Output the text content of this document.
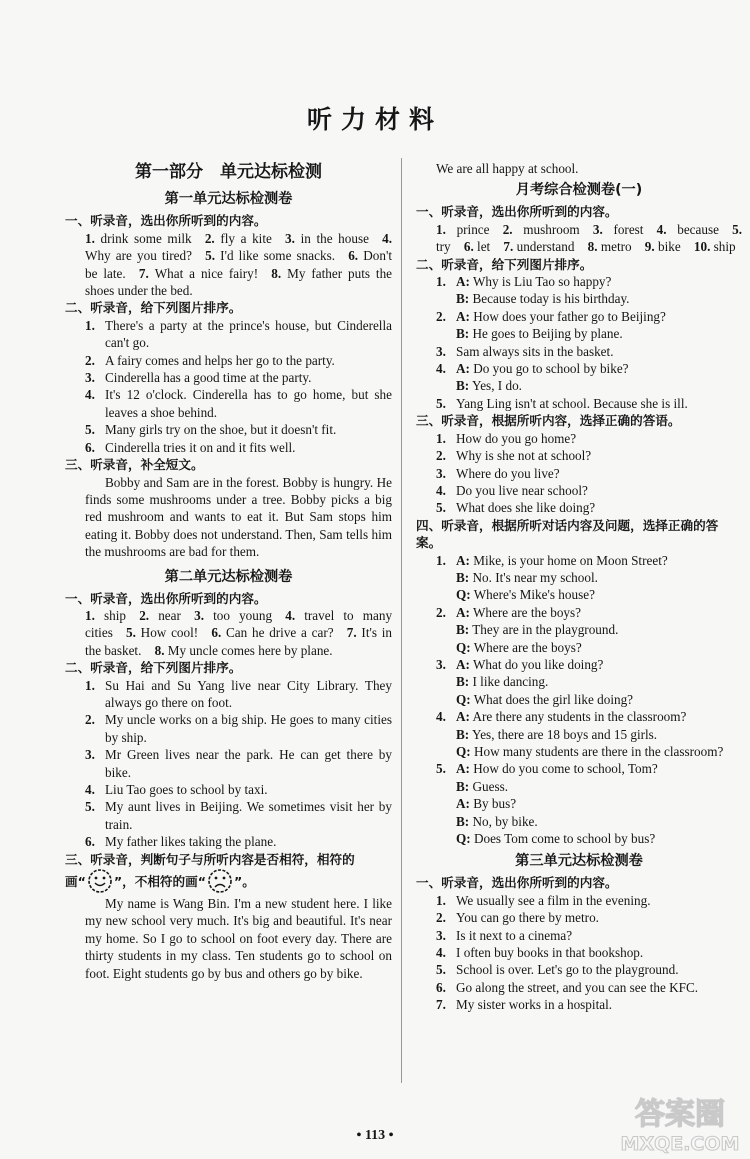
听力材料
第一部分　单元达标检测
第一单元达标检测卷
一、听录音，选出你所听到的内容。
1. drink some milk  2. fly a kite  3. in the house  4. Why are you tired?  5. I'd like some snacks.  6. Don't be late.  7. What a nice fairy!  8. My father puts the shoes under the bed.
二、听录音，给下列图片排序。
1. There's a party at the prince's house, but Cinderella can't go.
2. A fairy comes and helps her go to the party.
3. Cinderella has a good time at the party.
4. It's 12 o'clock. Cinderella has to go home, but she leaves a shoe behind.
5. Many girls try on the shoe, but it doesn't fit.
6. Cinderella tries it on and it fits well.
三、听录音，补全短文。
Bobby and Sam are in the forest. Bobby is hungry. He finds some mushrooms under a tree. Bobby picks a big red mushroom and wants to eat it. But Sam stops him eating it. Bobby does not understand. Then, Sam tells him the mushrooms are bad for them.
第二单元达标检测卷
一、听录音，选出你所听到的内容。
1. ship  2. near  3. too young  4. travel to many cities  5. How cool!  6. Can he drive a car?  7. It's in the basket.  8. My uncle comes here by plane.
二、听录音，给下列图片排序。
1. Su Hai and Su Yang live near City Library. They always go there on foot.
2. My uncle works on a big ship. He goes to many cities by ship.
3. Mr Green lives near the park. He can get there by bike.
4. Liu Tao goes to school by taxi.
5. My aunt lives in Beijing. We sometimes visit her by train.
6. My father likes taking the plane.
三、听录音，判断句子与所听内容是否相符，相符的
画“ ”，不相符的画“ ”。
My name is Wang Bin. I'm a new student here. I like my new school very much. It's big and beautiful. It's near my home. So I go to school on foot every day. There are thirty students in my class. Ten students go to school on foot. Eight students go by bus and others go by bike.
We are all happy at school.
月考综合检测卷(一)
一、听录音，选出你所听到的内容。
1. prince  2. mushroom  3. forest  4. because  5. try  6. let  7. understand  8. metro  9. bike  10. ship
二、听录音，给下列图片排序。
1. A: Why is Liu Tao so happy?
B: Because today is his birthday.
2. A: How does your father go to Beijing?
B: He goes to Beijing by plane.
3. Sam always sits in the basket.
4. A: Do you go to school by bike?
B: Yes, I do.
5. Yang Ling isn't at school. Because she is ill.
三、听录音，根据所听内容，选择正确的答语。
1. How do you go home?
2. Why is she not at school?
3. Where do you live?
4. Do you live near school?
5. What does she like doing?
四、听录音，根据所听对话内容及问题，选择正确的答案。
1. A: Mike, is your home on Moon Street?
B: No. It's near my school.
Q: Where's Mike's house?
2. A: Where are the boys?
B: They are in the playground.
Q: Where are the boys?
3. A: What do you like doing?
B: I like dancing.
Q: What does the girl like doing?
4. A: Are there any students in the classroom?
B: Yes, there are 18 boys and 15 girls.
Q: How many students are there in the classroom?
5. A: How do you come to school, Tom?
B: Guess.
A: By bus?
B: No, by bike.
Q: Does Tom come to school by bus?
第三单元达标检测卷
一、听录音，选出你所听到的内容。
1. We usually see a film in the evening.
2. You can go there by metro.
3. Is it next to a cinema?
4. I often buy books in that bookshop.
5. School is over. Let's go to the playground.
6. Go along the street, and you can see the KFC.
7. My sister works in a hospital.
• 113 •
答案圈
MXQE.COM
